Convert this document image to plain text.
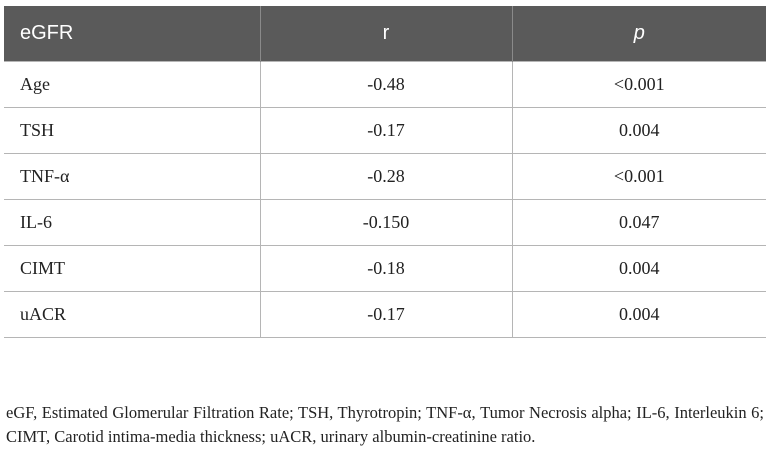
eGFR	r	p
Age	-0.48	<0.001
TSH	-0.17	0.004
TNF-α	-0.28	<0.001
IL-6	-0.150	0.047
CIMT	-0.18	0.004
uACR	-0.17	0.004

eGF, Estimated Glomerular Filtration Rate; TSH, Thyrotropin; TNF-α, Tumor Necrosis alpha; IL-6, Interleukin 6; CIMT, Carotid intima-media thickness; uACR, urinary albumin-creatinine ratio.
